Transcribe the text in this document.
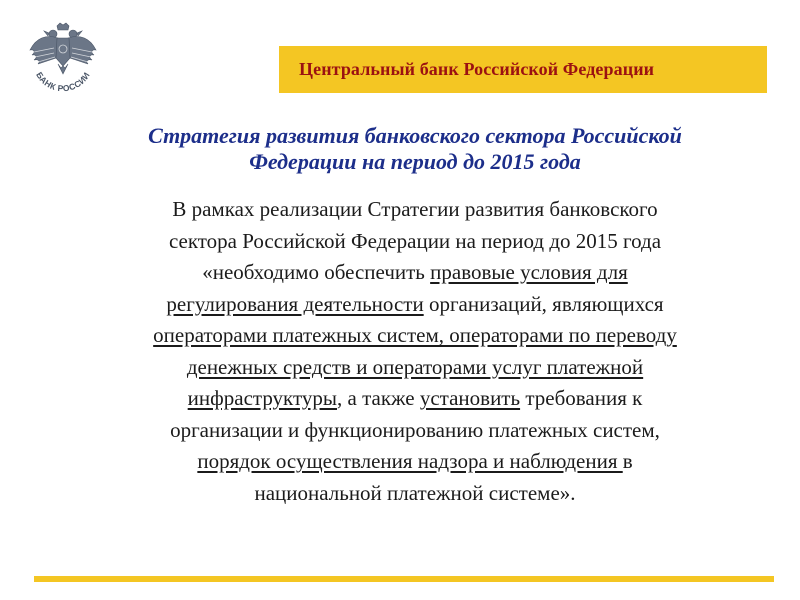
БАНК РОССИИ	Центральный банк Российской Федерации
Стратегия развития банковского сектора Российской
Федерации на период до 2015 года
В рамках реализации Стратегии развития банковского
сектора Российской Федерации на период до 2015 года
«необходимо обеспечить правовые условия для
регулирования деятельности организаций, являющихся
операторами платежных систем, операторами по переводу
денежных средств и операторами услуг платежной
инфраструктуры, а также установить требования к
организации и функционированию платежных систем,
порядок осуществления надзора и наблюдения в
национальной платежной системе».
